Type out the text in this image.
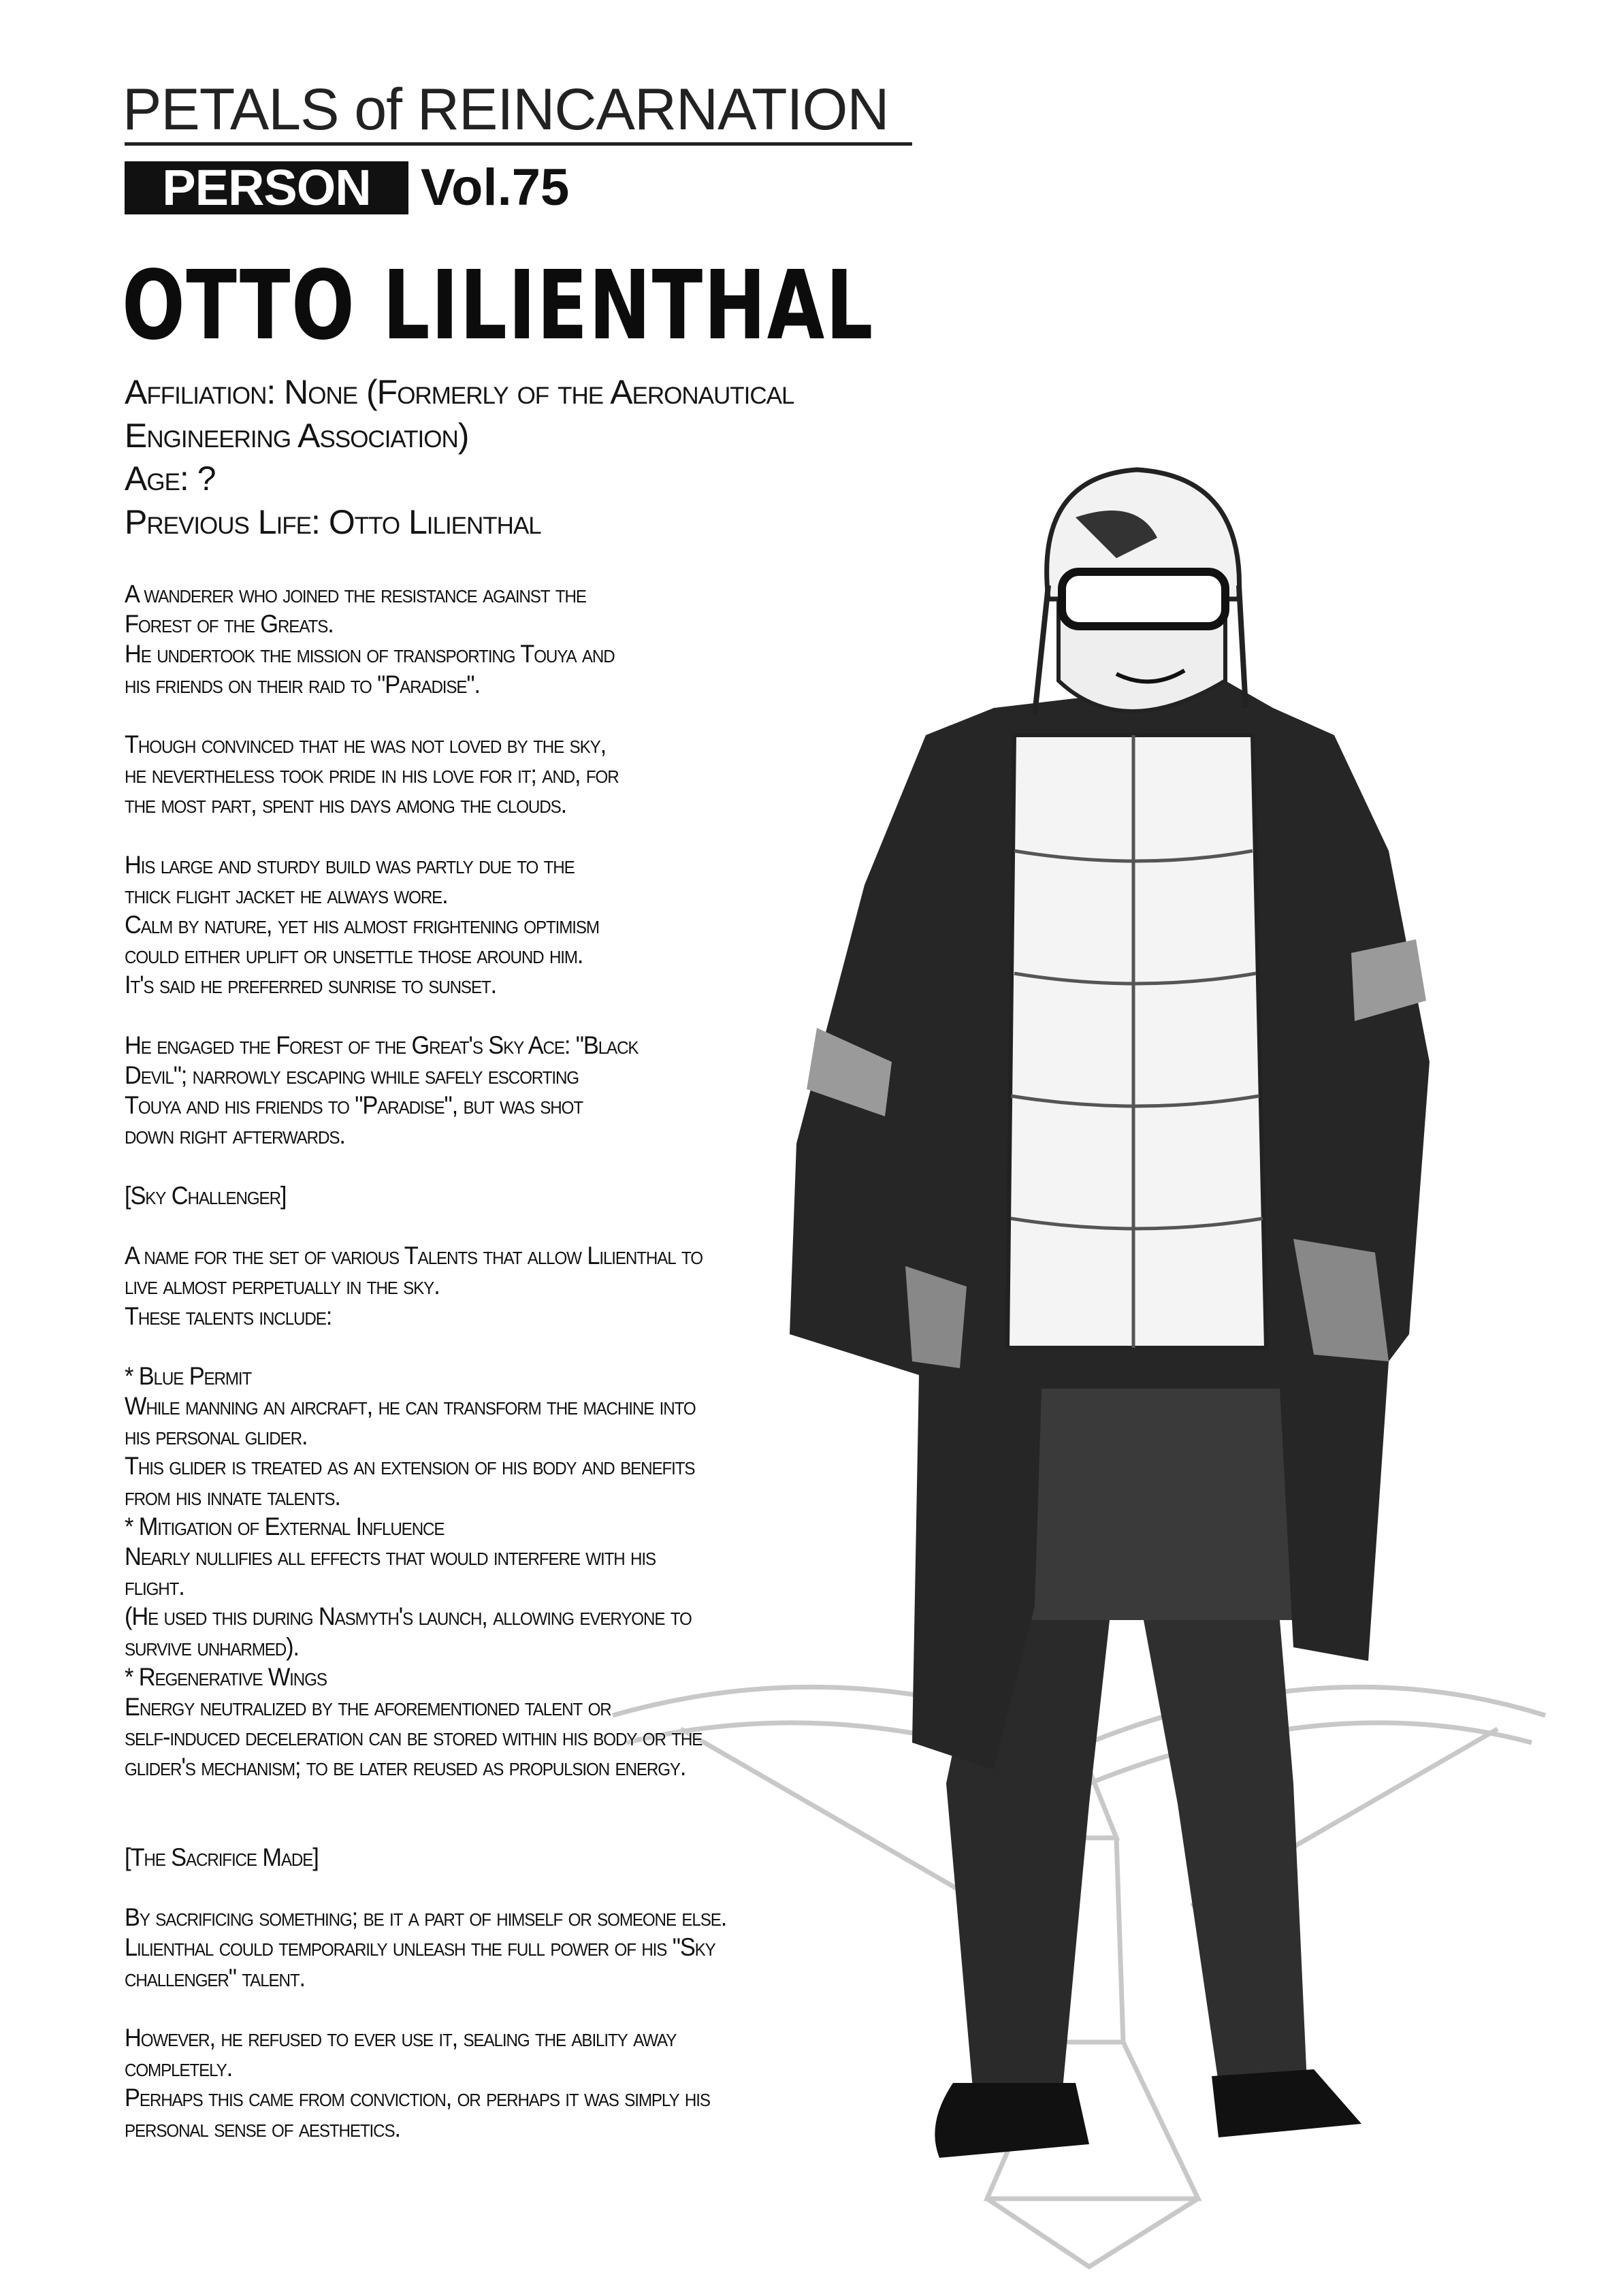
PETALS of REINCARNATION
PERSON Vol.75
OTTO LILIENTHAL
Affiliation: None (Formerly of the Aeronautical
Engineering Association)
Age: ?
Previous Life: Otto Lilienthal
A wanderer who joined the resistance against the
Forest of the Greats.
He undertook the mission of transporting Touya and
his friends on their raid to "Paradise".
Though convinced that he was not loved by the sky,
he nevertheless took pride in his love for it; and, for
the most part, spent his days among the clouds.
His large and sturdy build was partly due to the
thick flight jacket he always wore.
Calm by nature, yet his almost frightening optimism
could either uplift or unsettle those around him.
It's said he preferred sunrise to sunset.
He engaged the Forest of the Great's Sky Ace: "Black
Devil"; narrowly escaping while safely escorting
Touya and his friends to "Paradise", but was shot
down right afterwards.
[Sky Challenger]
A name for the set of various Talents that allow Lilienthal to
live almost perpetually in the sky.
These talents include:
* Blue Permit
While manning an aircraft, he can transform the machine into
his personal glider.
This glider is treated as an extension of his body and benefits
from his innate talents.
* Mitigation of External Influence
Nearly nullifies all effects that would interfere with his
flight.
(He used this during Nasmyth's launch, allowing everyone to
survive unharmed).
* Regenerative Wings
Energy neutralized by the aforementioned talent or
self-induced deceleration can be stored within his body or the
glider's mechanism; to be later reused as propulsion energy.
[The Sacrifice Made]
By sacrificing something; be it a part of himself or someone else.
Lilienthal could temporarily unleash the full power of his "Sky
challenger" talent.
However, he refused to ever use it, sealing the ability away
completely.
Perhaps this came from conviction, or perhaps it was simply his
personal sense of aesthetics.
